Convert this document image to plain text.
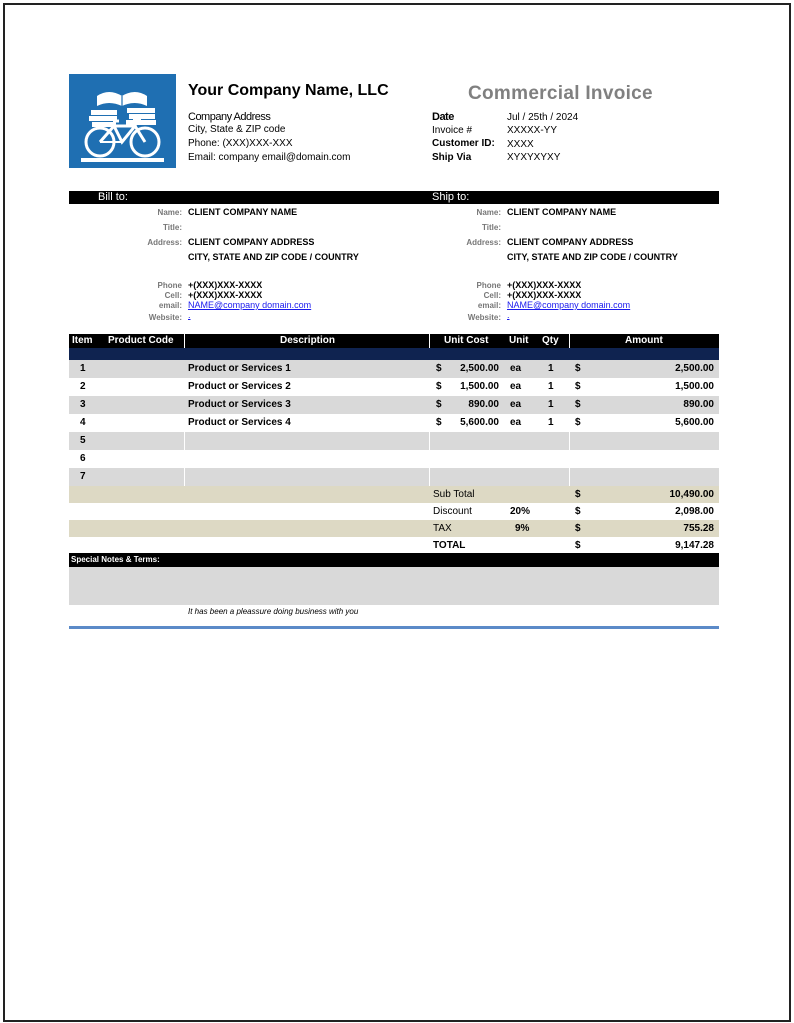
Your Company Name, LLC
Company Address
City, State & ZIP code
Phone: (XXX)XXX-XXX
Email: company email@domain.com
Commercial Invoice
Date	Jul / 25th / 2024
Invoice #	XXXXX-YY
Customer ID: XXXX
Ship Via	XYXYXYXY
Bill to:	Ship to:
Name: CLIENT COMPANY NAME
Title:
Address: CLIENT COMPANY ADDRESS
CITY, STATE AND ZIP CODE / COUNTRY
Phone +(XXX)XXX-XXXX
Cell: +(XXX)XXX-XXXX
email: NAME@company domain.com
Website: .
Name: CLIENT COMPANY NAME
Title:
Address: CLIENT COMPANY ADDRESS
CITY, STATE AND ZIP CODE / COUNTRY
Phone +(XXX)XXX-XXXX
Cell: +(XXX)XXX-XXXX
email: NAME@company domain.com
Website: .
Item Product Code	Description	Unit Cost Unit Qty	Amount
1	Product or Services 1	$	2,500.00 ea	1 $	2,500.00
2	Product or Services 2	$	1,500.00 ea	1 $	1,500.00
3	Product or Services 3	$	890.00 ea	1 $	890.00
4	Product or Services 4	$	5,600.00 ea	1 $	5,600.00
5
6
7
Sub Total	$	10,490.00
Discount	20%	$	2,098.00
TAX	9%	$	755.28
TOTAL	$	9,147.28
Special Notes & Terms:
It has been a pleassure doing business with you
